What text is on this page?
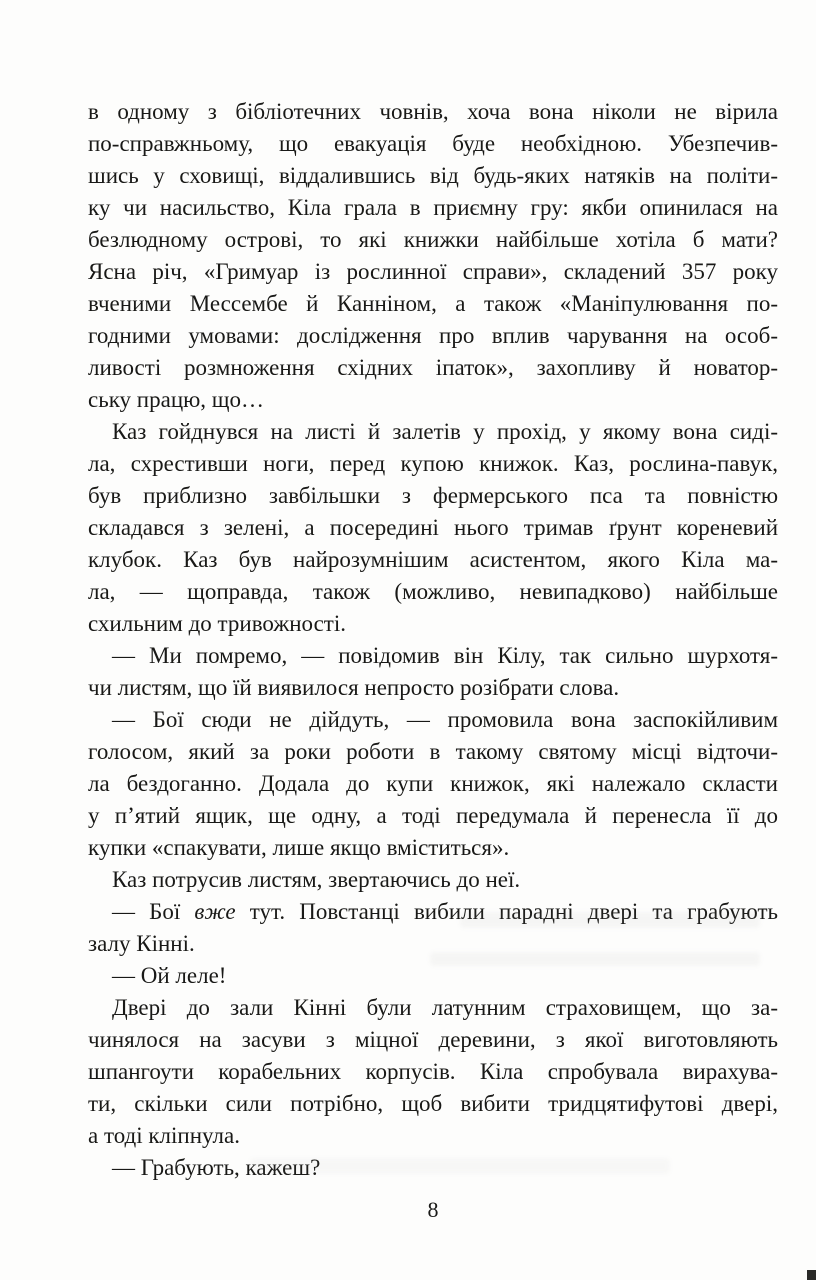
в одному з бібліотечних човнів, хоча вона ніколи не вірила
по-справжньому, що евакуація буде необхідною. Убезпечив-
шись у сховищі, віддалившись від будь-яких натяків на політи-
ку чи насильство, Кіла грала в приємну гру: якби опинилася на
безлюдному острові, то які книжки найбільше хотіла б мати?
Ясна річ, «Гримуар із рослинної справи», складений 357 року
вченими Мессембе й Канніном, а також «Маніпулювання по-
годними умовами: дослідження про вплив чарування на особ-
ливості розмноження східних іпаток», захопливу й новатор-
ську працю, що…
Каз гойднувся на листі й залетів у прохід, у якому вона сиді-
ла, схрестивши ноги, перед купою книжок. Каз, рослина-павук,
був приблизно завбільшки з фермерського пса та повністю
складався з зелені, а посередині нього тримав ґрунт кореневий
клубок. Каз був найрозумнішим асистентом, якого Кіла ма-
ла, — щоправда, також (можливо, невипадково) найбільше
схильним до тривожності.
— Ми помремо, — повідомив він Кілу, так сильно шурхотя-
чи листям, що їй виявилося непросто розібрати слова.
— Бої сюди не дійдуть, — промовила вона заспокійливим
голосом, який за роки роботи в такому святому місці відточи-
ла бездоганно. Додала до купи книжок, які належало скласти
у п’ятий ящик, ще одну, а тоді передумала й перенесла її до
купки «спакувати, лише якщо вміститься».
Каз потрусив листям, звертаючись до неї.
— Бої вже тут. Повстанці вибили парадні двері та грабують
залу Кінні.
— Ой леле!
Двері до зали Кінні були латунним страховищем, що за-
чинялося на засуви з міцної деревини, з якої виготовляють
шпангоути корабельних корпусів. Кіла спробувала вирахува-
ти, скільки сили потрібно, щоб вибити тридцятифутові двері,
а тоді кліпнула.
— Грабують, кажеш?
8
